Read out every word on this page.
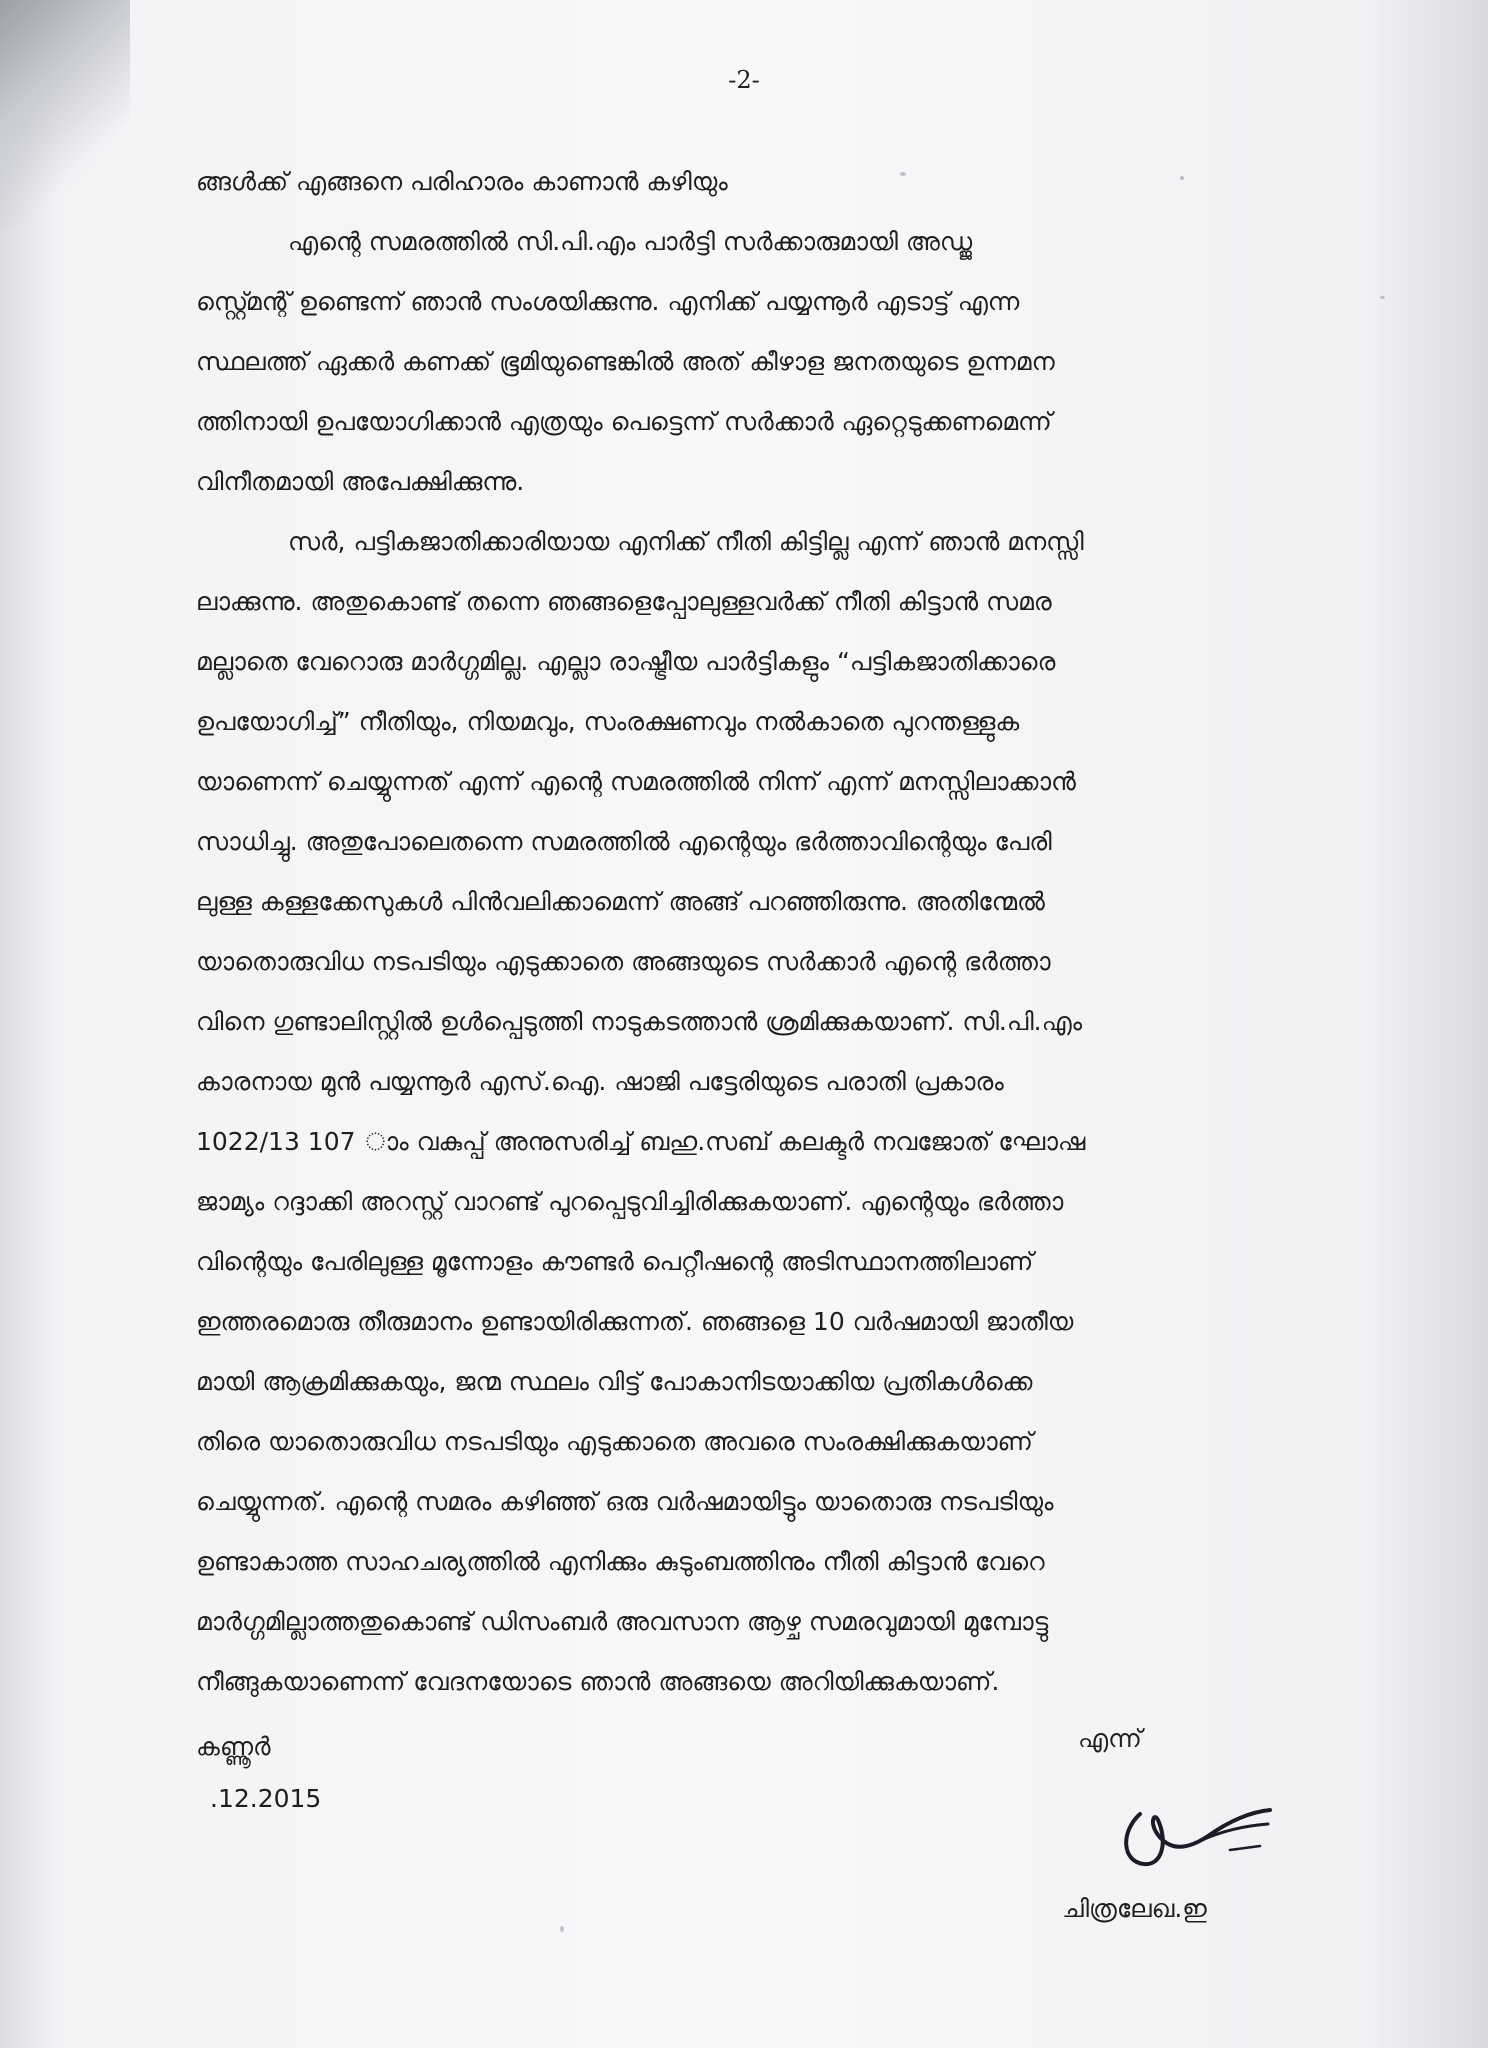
-2-
ങ്ങൾക്ക് എങ്ങനെ പരിഹാരം കാണാൻ കഴിയും
എന്റെ സമരത്തിൽ സി.പി.എം പാർട്ടി സർക്കാരുമായി അഡ്ജ
സ്റ്റ്മെന്റ് ഉണ്ടെന്ന് ഞാൻ സംശയിക്കുന്നു. എനിക്ക് പയ്യന്നൂർ എടാട്ട് എന്ന
സ്ഥലത്ത് ഏക്കർ കണക്ക് ഭൂമിയുണ്ടെങ്കിൽ അത് കീഴാള ജനതയുടെ ഉന്നമന
ത്തിനായി ഉപയോഗിക്കാൻ എത്രയും പെട്ടെന്ന് സർക്കാർ ഏറ്റെടുക്കണമെന്ന്
വിനീതമായി അപേക്ഷിക്കുന്നു.
സർ, പട്ടികജാതിക്കാരിയായ എനിക്ക് നീതി കിട്ടില്ല എന്ന് ഞാൻ മനസ്സി
ലാക്കുന്നു. അതുകൊണ്ട് തന്നെ ഞങ്ങളെപ്പോലുള്ളവർക്ക് നീതി കിട്ടാൻ സമര
മല്ലാതെ വേറൊരു മാർഗ്ഗമില്ല. എല്ലാ രാഷ്ട്രീയ പാർട്ടികളും “പട്ടികജാതിക്കാരെ
ഉപയോഗിച്ച്” നീതിയും, നിയമവും, സംരക്ഷണവും നൽകാതെ പുറന്തള്ളുക
യാണെന്ന് ചെയ്യുന്നത് എന്ന് എന്റെ സമരത്തിൽ നിന്ന് എന്ന് മനസ്സിലാക്കാൻ
സാധിച്ചു. അതുപോലെതന്നെ സമരത്തിൽ എന്റെയും ഭർത്താവിന്റെയും പേരി
ലുള്ള കള്ളക്കേസുകൾ പിൻവലിക്കാമെന്ന് അങ്ങ് പറഞ്ഞിരുന്നു. അതിന്മേൽ
യാതൊരുവിധ നടപടിയും എടുക്കാതെ അങ്ങയുടെ സർക്കാർ എന്റെ ഭർത്താ
വിനെ ഗുണ്ടാലിസ്റ്റിൽ ഉൾപ്പെടുത്തി നാടുകടത്താൻ ശ്രമിക്കുകയാണ്. സി.പി.എം
കാരനായ മുൻ പയ്യന്നൂർ എസ്.ഐ. ഷാജി പട്ടേരിയുടെ പരാതി പ്രകാരം
1022/13 107 ാം വകുപ്പ് അനുസരിച്ച് ബഹു.സബ് കലക്ടർ നവജോത് ഘോഷ
ജാമ്യം റദ്ദാക്കി അറസ്റ്റ് വാറണ്ട് പുറപ്പെടുവിച്ചിരിക്കുകയാണ്. എന്റെയും ഭർത്താ
വിന്റെയും പേരിലുള്ള മൂന്നോളം കൗണ്ടർ പെറ്റീഷന്റെ അടിസ്ഥാനത്തിലാണ്
ഇത്തരമൊരു തീരുമാനം ഉണ്ടായിരിക്കുന്നത്. ഞങ്ങളെ 10 വർഷമായി ജാതീയ
മായി ആക്രമിക്കുകയും, ജന്മ സ്ഥലം വിട്ട് പോകാനിടയാക്കിയ പ്രതികൾക്കെ
തിരെ യാതൊരുവിധ നടപടിയും എടുക്കാതെ അവരെ സംരക്ഷിക്കുകയാണ്
ചെയ്യുന്നത്. എന്റെ സമരം കഴിഞ്ഞ് ഒരു വർഷമായിട്ടും യാതൊരു നടപടിയും
ഉണ്ടാകാത്ത സാഹചര്യത്തിൽ എനിക്കും കുടുംബത്തിനും നീതി കിട്ടാൻ വേറെ
മാർഗ്ഗമില്ലാത്തതുകൊണ്ട് ഡിസംബർ അവസാന ആഴ്ച സമരവുമായി മുമ്പോട്ടു
നീങ്ങുകയാണെന്ന് വേദനയോടെ ഞാൻ അങ്ങയെ അറിയിക്കുകയാണ്.
കണ്ണൂർ
.12.2015
എന്ന്
ചിത്രലേഖ.ഇ
